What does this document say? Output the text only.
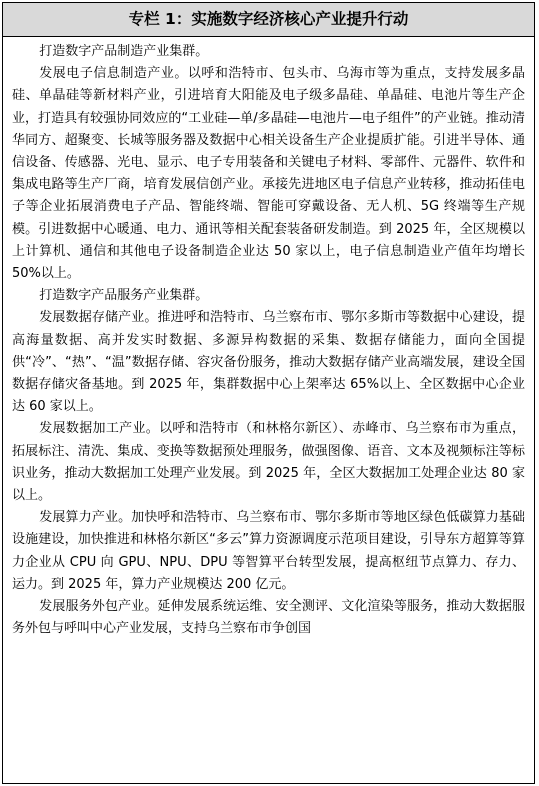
专栏 1：实施数字经济核心产业提升行动

打造数字产品制造产业集群。

发展电子信息制造产业。以呼和浩特市、包头市、乌海市等为重点，支持发展多晶硅、单晶硅等新材料产业，引进培育大阳能及电子级多晶硅、单晶硅、电池片等生产企业，打造具有较强协同效应的“工业硅—单/多晶硅—电池片—电子组件”的产业链。推动清华同方、超聚变、长城等服务器及数据中心相关设备生产企业提质扩能。引进半导体、通信设备、传感器、光电、显示、电子专用装备和关键电子材料、零部件、元器件、软件和集成电路等生产厂商，培育发展信创产业。承接先进地区电子信息产业转移，推动拓佳电子等企业拓展消费电子产品、智能终端、智能可穿戴设备、无人机、5G 终端等生产规模。引进数据中心暖通、电力、通讯等相关配套装备研发制造。到 2025 年，全区规模以上计算机、通信和其他电子设备制造企业达 50 家以上，电子信息制造业产值年均增长 50%以上。

打造数字产品服务产业集群。

发展数据存储产业。推进呼和浩特市、乌兰察布市、鄂尔多斯市等数据中心建设，提高海量数据、高并发实时数据、多源异构数据的采集、数据存储能力，面向全国提供“冷”、“热”、“温”数据存储、容灾备份服务，推动大数据存储产业高端发展，建设全国数据存储灾备基地。到 2025 年，集群数据中心上架率达 65%以上、全区数据中心企业达 60 家以上。

发展数据加工产业。以呼和浩特市（和林格尔新区）、赤峰市、乌兰察布市为重点，拓展标注、清洗、集成、变换等数据预处理服务，做强图像、语音、文本及视频标注等标识业务，推动大数据加工处理产业发展。到 2025 年，全区大数据加工处理企业达 80 家以上。

发展算力产业。加快呼和浩特市、乌兰察布市、鄂尔多斯市等地区绿色低碳算力基础设施建设，加快推进和林格尔新区“多云”算力资源调度示范项目建设，引导东方超算等算力企业从 CPU 向 GPU、NPU、DPU 等智算平台转型发展，提高枢纽节点算力、存力、运力。到 2025 年，算力产业规模达 200 亿元。

发展服务外包产业。延伸发展系统运维、安全测评、文化渲染等服务，推动大数据服务外包与呼叫中心产业发展，支持乌兰察布市争创国
